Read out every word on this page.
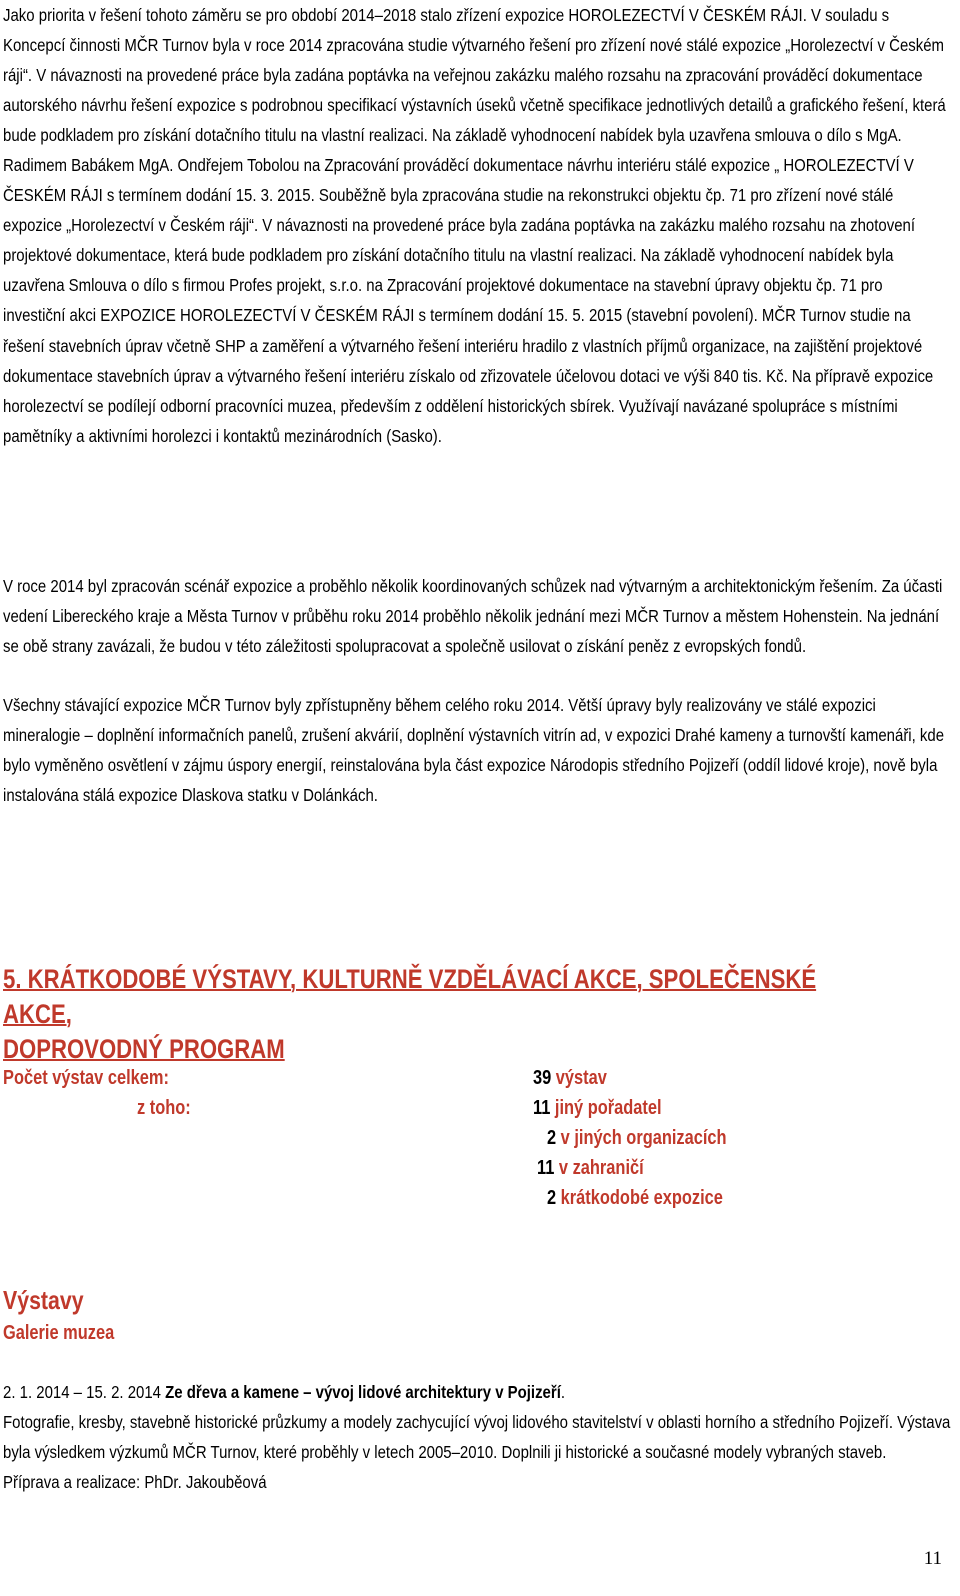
Jako priorita v řešení tohoto záměru se pro období 2014–2018 stalo zřízení expozice HOROLEZECTVÍ V ČESKÉM RÁJI. V souladu s Koncepcí činnosti MČR Turnov byla v roce 2014 zpracována studie výtvarného řešení pro zřízení nové stálé expozice „Horolezectví v Českém ráji“. V návaznosti na provedené práce byla zadána poptávka na veřejnou zakázku malého rozsahu na zpracování prováděcí dokumentace autorského návrhu řešení expozice s podrobnou specifikací výstavních úseků včetně specifikace jednotlivých detailů a grafického řešení, která bude podkladem pro získání dotačního titulu na vlastní realizaci. Na základě vyhodnocení nabídek byla uzavřena smlouva o dílo s MgA. Radimem Babákem MgA. Ondřejem Tobolou na Zpracování prováděcí dokumentace návrhu interiéru stálé expozice „ HOROLEZECTVÍ V ČESKÉM RÁJI s termínem dodání 15. 3. 2015. Souběžně byla zpracována studie na rekonstrukci objektu čp. 71 pro zřízení nové stálé expozice „Horolezectví v Českém ráji“. V návaznosti na provedené práce byla zadána poptávka na zakázku malého rozsahu na zhotovení projektové dokumentace, která bude podkladem pro získání dotačního titulu na vlastní realizaci. Na základě vyhodnocení nabídek byla uzavřena Smlouva o dílo s firmou Profes projekt, s.r.o. na Zpracování projektové dokumentace na stavební úpravy objektu čp. 71 pro investiční akci EXPOZICE HOROLEZECTVÍ V ČESKÉM RÁJI s termínem dodání 15. 5. 2015 (stavební povolení). MČR Turnov studie na řešení stavebních úprav včetně SHP a zaměření a výtvarného řešení interiéru hradilo z vlastních příjmů organizace, na zajištění projektové dokumentace stavebních úprav a výtvarného řešení interiéru získalo od zřizovatele účelovou dotaci ve výši 840 tis. Kč. Na přípravě expozice horolezectví se podílejí odborní pracovníci muzea, především z oddělení historických sbírek. Využívají navázané spolupráce s místními pamětníky a aktivními horolezci i kontaktů mezinárodních (Sasko).

V roce 2014 byl zpracován scénář expozice a proběhlo několik koordinovaných schůzek nad výtvarným a architektonickým řešením. Za účasti vedení Libereckého kraje a Města Turnov v průběhu roku 2014 proběhlo několik jednání mezi MČR Turnov a městem Hohenstein. Na jednání se obě strany zavázali, že budou v této záležitosti spolupracovat a společně usilovat o získání peněz z evropských fondů.

Všechny stávající expozice MČR Turnov byly zpřístupněny během celého roku 2014. Větší úpravy byly realizovány ve stálé expozici mineralogie – doplnění informačních panelů, zrušení akvárií, doplnění výstavních vitrín ad, v expozici Drahé kameny a turnovští kamenáři, kde bylo vyměněno osvětlení v zájmu úspory energií, reinstalována byla část expozice Národopis středního Pojizeří (oddíl lidové kroje), nově byla instalována stálá expozice Dlaskova statku v Dolánkách.

5. KRÁTKODOBÉ VÝSTAVY, KULTURNĚ VZDĚLÁVACÍ AKCE, SPOLEČENSKÉ AKCE,
DOPROVODNÝ PROGRAM
Počet výstav celkem:
z toho:
39 výstav
11 jiný pořadatel
2 v jiných organizacích
11 v zahraničí
2 krátkodobé expozice
Výstavy
Galerie muzea
2. 1. 2014 – 15. 2. 2014 Ze dřeva a kamene – vývoj lidové architektury v Pojizeří.
Fotografie, kresby, stavebně historické průzkumy a modely zachycující vývoj lidového stavitelství v oblasti horního a středního Pojizeří. Výstava byla výsledkem výzkumů MČR Turnov, které proběhly v letech 2005–2010. Doplnili ji historické a současné modely vybraných staveb.
Příprava a realizace: PhDr. Jakouběová
11
